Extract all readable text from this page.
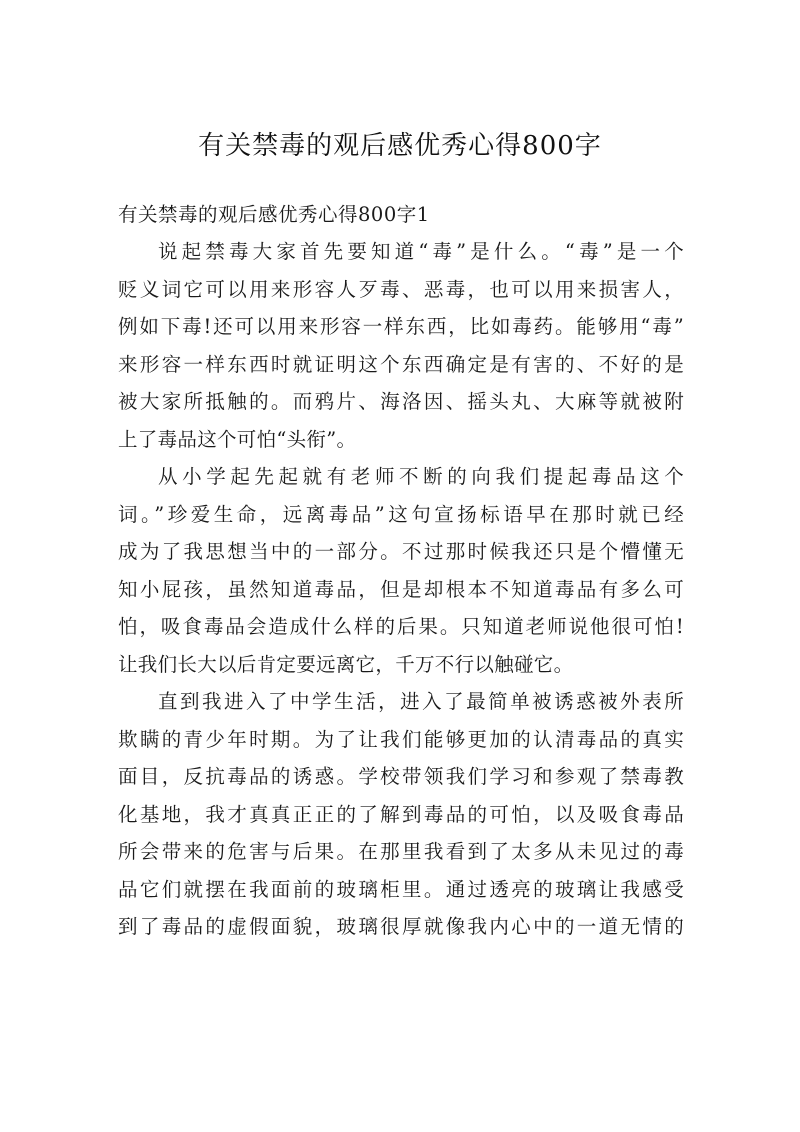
有关禁毒的观后感优秀心得800字

有关禁毒的观后感优秀心得800字1

说起禁毒大家首先要知道“毒”是什么。“毒”是一个
贬义词它可以用来形容人歹毒、恶毒，也可以用来损害人，
例如下毒!还可以用来形容一样东西，比如毒药。能够用“毒”
来形容一样东西时就证明这个东西确定是有害的、不好的是
被大家所抵触的。而鸦片、海洛因、摇头丸、大麻等就被附
上了毒品这个可怕“头衔”。

从小学起先起就有老师不断的向我们提起毒品这个
词。”珍爱生命，远离毒品”这句宣扬标语早在那时就已经
成为了我思想当中的一部分。不过那时候我还只是个懵懂无
知小屁孩，虽然知道毒品，但是却根本不知道毒品有多么可
怕，吸食毒品会造成什么样的后果。只知道老师说他很可怕!
让我们长大以后肯定要远离它，千万不行以触碰它。

直到我进入了中学生活，进入了最简单被诱惑被外表所
欺瞒的青少年时期。为了让我们能够更加的认清毒品的真实
面目，反抗毒品的诱惑。学校带领我们学习和参观了禁毒教
化基地，我才真真正正的了解到毒品的可怕，以及吸食毒品
所会带来的危害与后果。在那里我看到了太多从未见过的毒
品它们就摆在我面前的玻璃柜里。通过透亮的玻璃让我感受
到了毒品的虚假面貌，玻璃很厚就像我内心中的一道无情的
